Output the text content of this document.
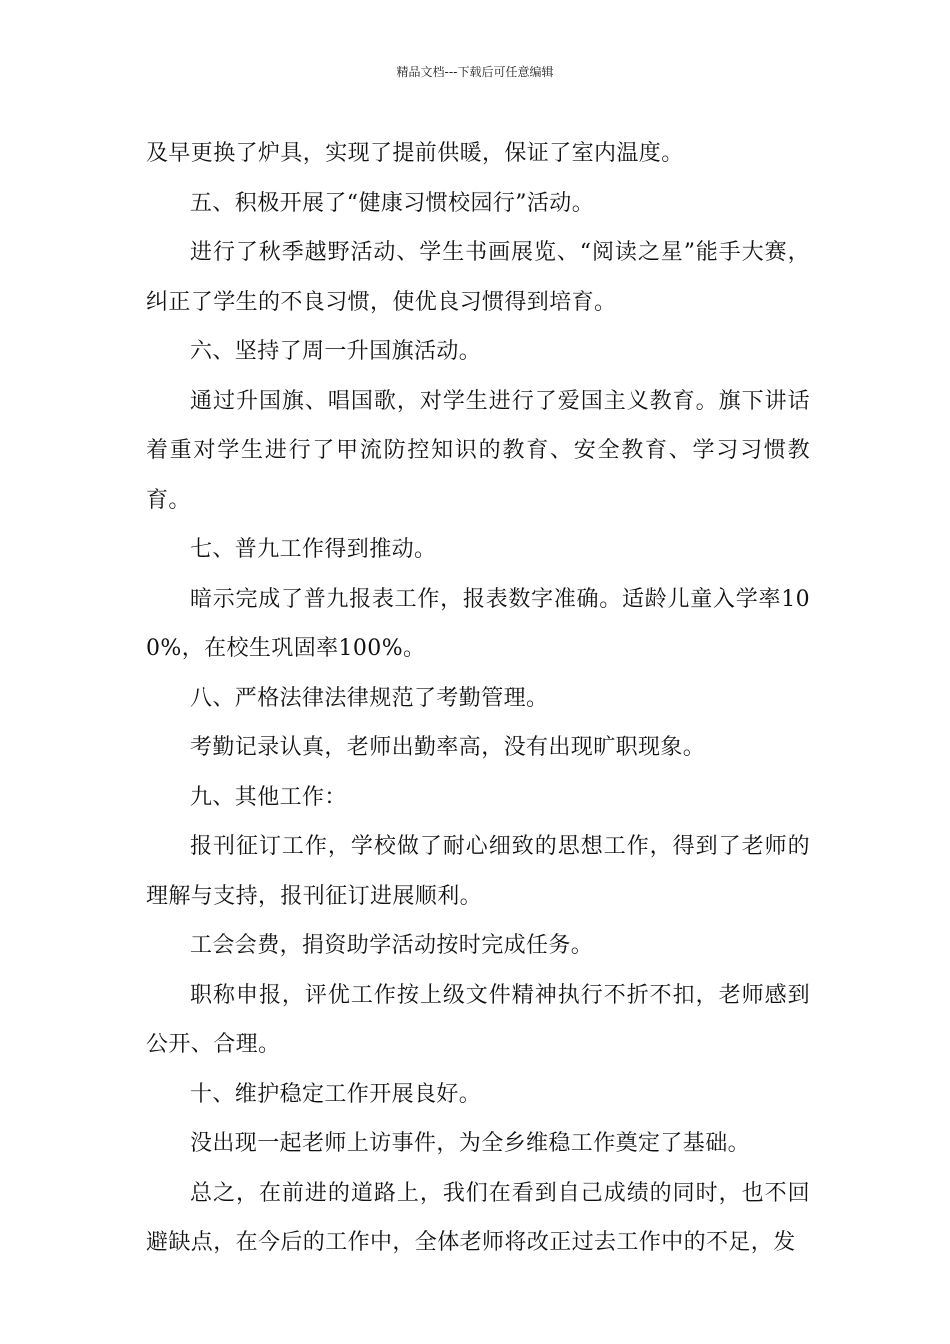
精品文档---下载后可任意编辑

及早更换了炉具，实现了提前供暖，保证了室内温度。

五、积极开展了“健康习惯校园行”活动。

进行了秋季越野活动、学生书画展览、“阅读之星”能手大赛，纠正了学生的不良习惯，使优良习惯得到培育。

六、坚持了周一升国旗活动。

通过升国旗、唱国歌，对学生进行了爱国主义教育。旗下讲话着重对学生进行了甲流防控知识的教育、安全教育、学习习惯教育。

七、普九工作得到推动。

暗示完成了普九报表工作，报表数字准确。适龄儿童入学率100%，在校生巩固率100%。

八、严格法律法律规范了考勤管理。

考勤记录认真，老师出勤率高，没有出现旷职现象。

九、其他工作：

报刊征订工作，学校做了耐心细致的思想工作，得到了老师的理解与支持，报刊征订进展顺利。

工会会费，捐资助学活动按时完成任务。

职称申报，评优工作按上级文件精神执行不折不扣，老师感到公开、合理。

十、维护稳定工作开展良好。

没出现一起老师上访事件，为全乡维稳工作奠定了基础。

总之，在前进的道路上，我们在看到自己成绩的同时，也不回避缺点，在今后的工作中，全体老师将改正过去工作中的不足，发
